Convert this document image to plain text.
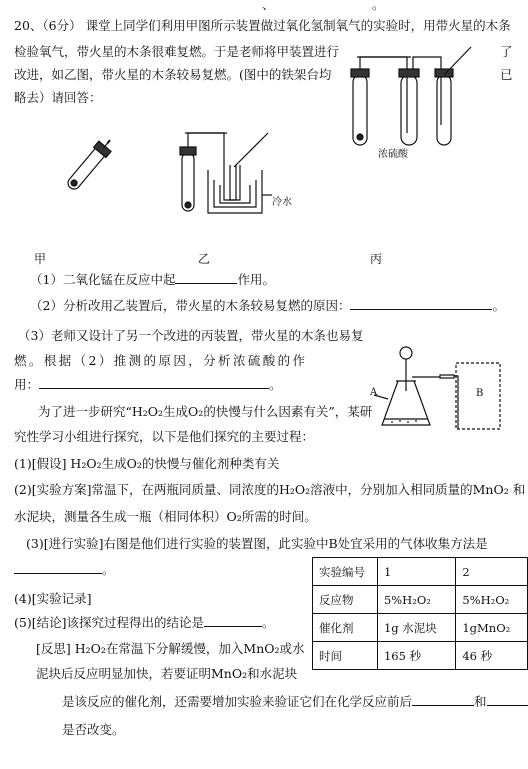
、	。
20、（6分） 课堂上同学们利用甲图所示装置做过氧化氢制氧气的实验时，用带火星的木条
检验氧气，带火星的木条很难复燃。于是老师将甲装置进行	了
改进，如乙图，带火星的木条较易复燃。(图中的铁架台均	已
略去）请回答：
冷水
浓硫酸
甲	乙	丙
（1）二氧化锰在反应中起	作用。
（2）分析改用乙装置后，带火星的木条较易复燃的原因：	。
（3）老师又设计了另一个改进的丙装置，带火星的木条也易复
燃。根据（2）推测的原因，分析浓硫酸的作
用：	。
A	B
为了进一步研究“H₂O₂生成O₂的快慢与什么因素有关”，某研
究性学习小组进行探究，以下是他们探究的主要过程：
(1)[假设] H₂O₂生成O₂的快慢与催化剂种类有关
(2)[实验方案]常温下，在两瓶同质量、同浓度的H₂O₂溶液中，分别加入相同质量的MnO₂ 和
水泥块，测量各生成一瓶（相同体积）O₂所需的时间。
(3)[进行实验]右图是他们进行实验的装置图，此实验中B处宜采用的气体收集方法是
。
(4)[实验记录]
(5)[结论]该探究过程得出的结论是	。
[反思] H₂O₂在常温下分解缓慢，加入MnO₂或水
泥块后反应明显加快，若要证明MnO₂和水泥块
是该反应的催化剂，还需要增加实验来验证它们在化学反应前后	和
是否改变。
实验编号	1	2
反应物	5%H₂O₂	5%H₂O₂
催化剂	1g 水泥块	1gMnO₂
时间	165 秒	46 秒
